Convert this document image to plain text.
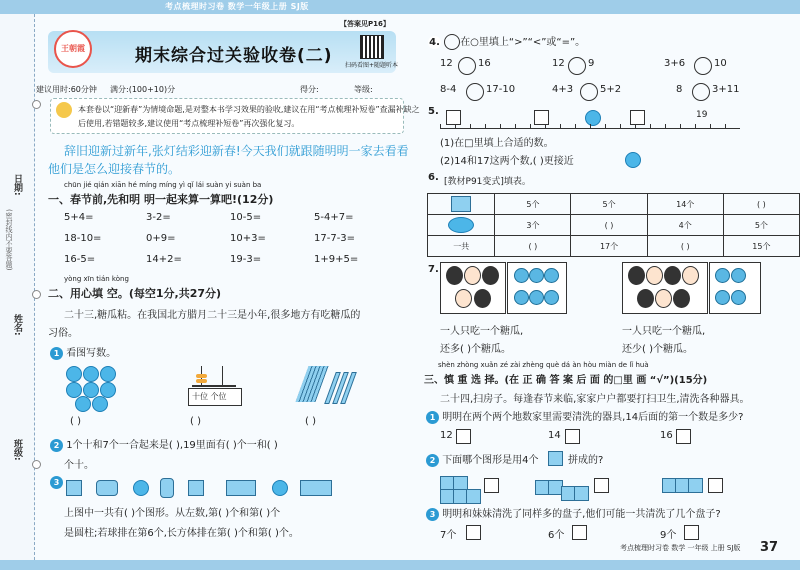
考点梳理时习卷 数学一年级上册 SJ版
日期:
(密封线内不要答题)
姓名:
班级:
【答案见P16】
王朝霞	期末综合过关验收卷(二) 扫码看图+随题听本
建议用时:60分钟 满分:(100+10)分	得分:	等级:
本套卷以“迎新春”为情境命题,是对整本书学习效果的验收,建议在用“考点梳理补短卷”查漏补缺之
后使用,若错题较多,建议使用“考点梳理补短卷”再次强化复习。
辞旧迎新过新年,张灯结彩迎新春!今天我们就跟随明明一家去看看
他们是怎么迎接春节的。
chūn jié qián xiān hé míng míng yì qǐ lái suàn yi suàn ba
一、春节前,先和明 明一起来算一算吧!(12分)
5+4=	3-2=	10-5=	5-4+7=
18-10=	0+9=	10+3=	17-7-3=
16-5=	14+2=	19-3=	1+9+5=
yòng xīn tián kòng
二、用心填 空。(每空1分,共27分)
二十三,糖瓜粘。在我国北方腊月二十三是小年,很多地方有吃糖瓜的
习俗。
1 看图写数。
十位 个位
( )	( )	( )
2 1个十和7个一合起来是( ),19里面有( )个一和( )
个十。
3
上图中一共有( )个图形。从左数,第( )个和第( )个
是圆柱;若球排在第6个,长方体排在第( )个和第( )个。
4. 在○里填上“>”“<”或“=”。
12	16	12 9	3+6	10
8-4	17-10	4+3	5+2	8	3+11
5.	19
(1)在□里填上合适的数。
(2)14和17这两个数,( )更接近
6. [教材P91变式]填表。
	5个	5个	14个	( )

	3个	( )	4个	5个
一共	( )	17个	( )	15个
7.
一人只吃一个糖瓜,
还多( )个糖瓜。
一人只吃一个糖瓜,
还少( )个糖瓜。
shèn zhòng xuǎn zé zài zhèng què dá àn hòu miàn de lǐ huà
三、慎 重 选 择。(在 正 确 答 案 后 面 的□里 画 “√”)(15分)
二十四,扫房子。每逢春节来临,家家户户都要打扫卫生,清洗各种器具。
1 明明在两个两个地数家里需要清洗的器具,14后面的第一个数是多少?
12	14	16
2 下面哪个图形是用4个	拼成的?
3 明明和妹妹清洗了同样多的盘子,他们可能一共清洗了几个盘子?
7个	6个	9个
考点梳理时习卷 数学 一年级 上册 SJ版 37
